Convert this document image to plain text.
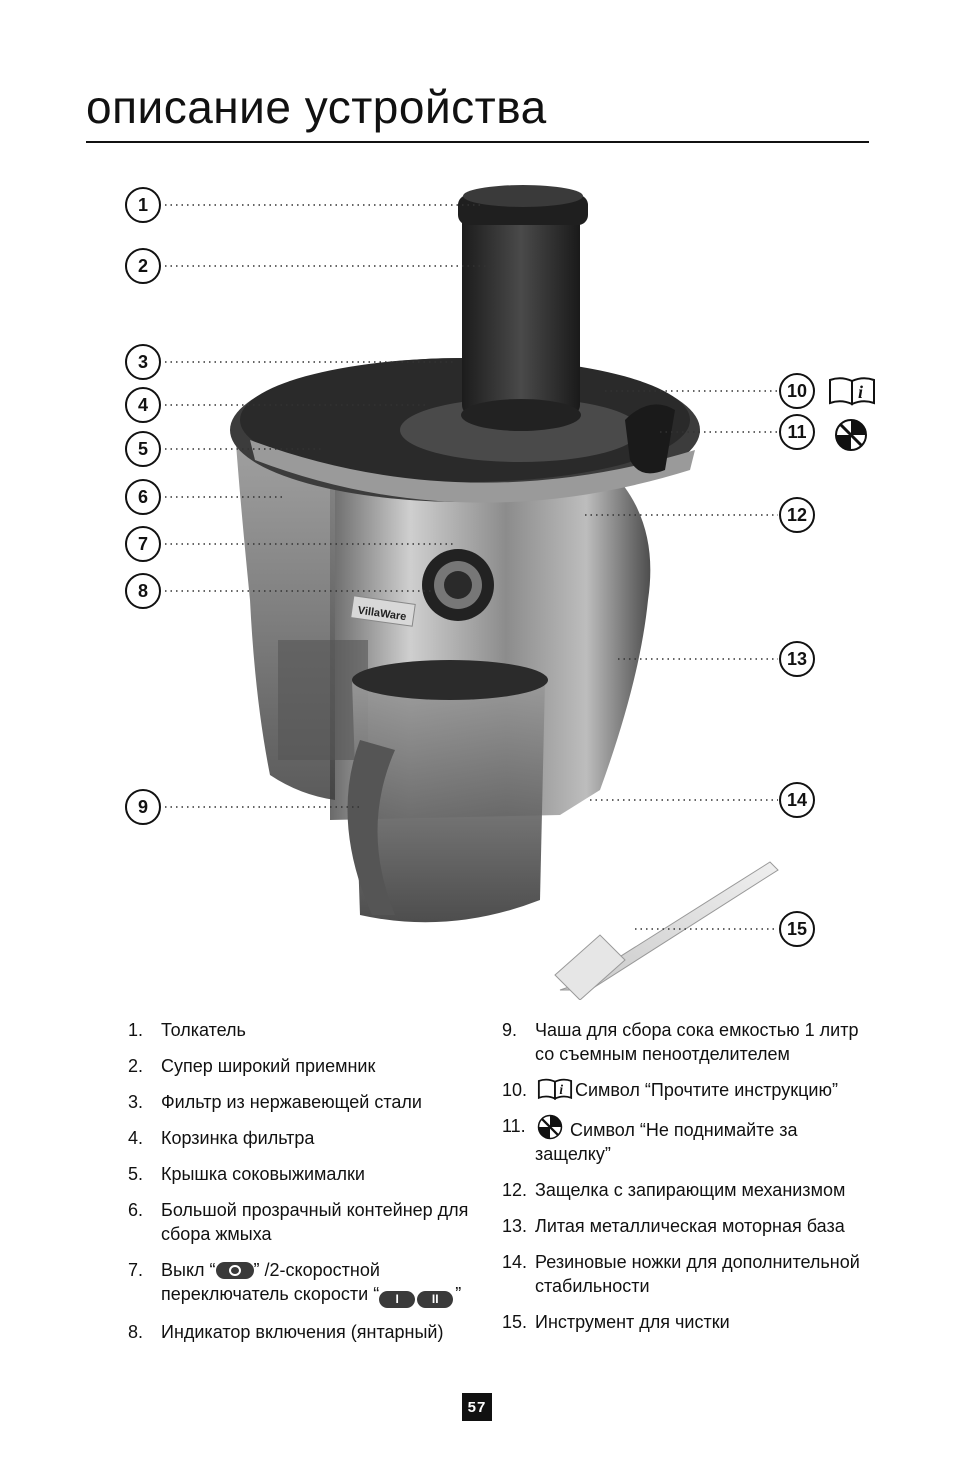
описание устройства
VillaWare
1
2
3
4
5
6
7
8
9
10
11
12
13
14
15
i
1. Толкатель
2. Супер широкий приемник
3. Фильтр из нержавеющей стали
4. Корзинка фильтра
5. Крышка соковыжималки
6. Большой прозрачный контейнер для сбора жмыха
7. Выкл “ ” /2-скоростной переключатель скорости “ I	II ”
8. Индикатор включения (янтарный)
9. Чаша для сбора сока емкостью 1 литр со съемным пеноотделителем
10.	i Символ “Прочтите инструкцию”
11.	Символ “Не поднимайте за защелку”
12. Защелка с запирающим механизмом
13. Литая металлическая моторная база
14. Резиновые ножки для дополнительной стабильности
15. Инструмент для чистки
57
